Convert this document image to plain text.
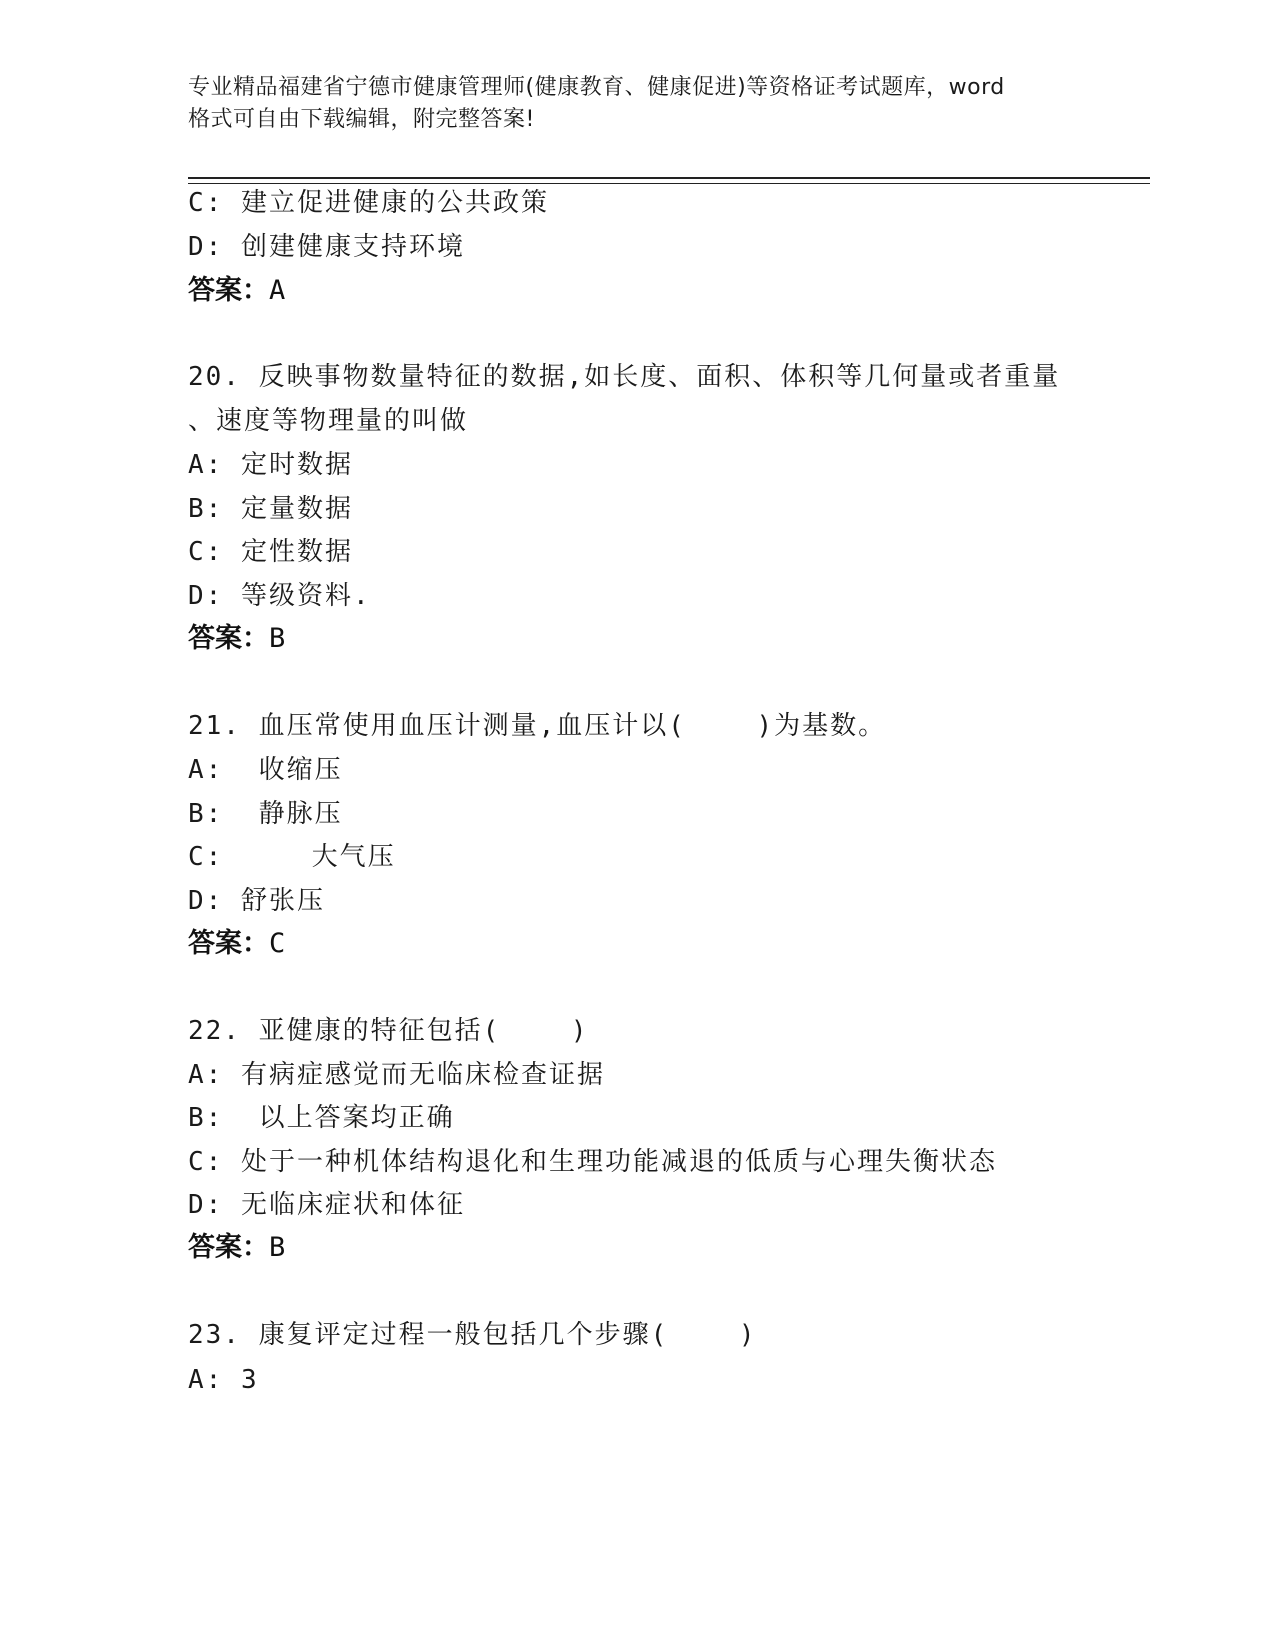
专业精品福建省宁德市健康管理师(健康教育、健康促进)等资格证考试题库，word
格式可自由下载编辑，附完整答案!
C: 建立促进健康的公共政策
D: 创建健康支持环境
答案：A
20. 反映事物数量特征的数据,如长度、面积、体积等几何量或者重量
、速度等物理量的叫做
A: 定时数据
B: 定量数据
C: 定性数据
D: 等级资料.
答案：B
21. 血压常使用血压计测量,血压计以(    )为基数。
A:  收缩压
B:  静脉压
C:     大气压
D: 舒张压
答案：C
22. 亚健康的特征包括(    )
A: 有病症感觉而无临床检查证据
B:  以上答案均正确
C: 处于一种机体结构退化和生理功能减退的低质与心理失衡状态
D: 无临床症状和体征
答案：B
23. 康复评定过程一般包括几个步骤(    )
A: 3
